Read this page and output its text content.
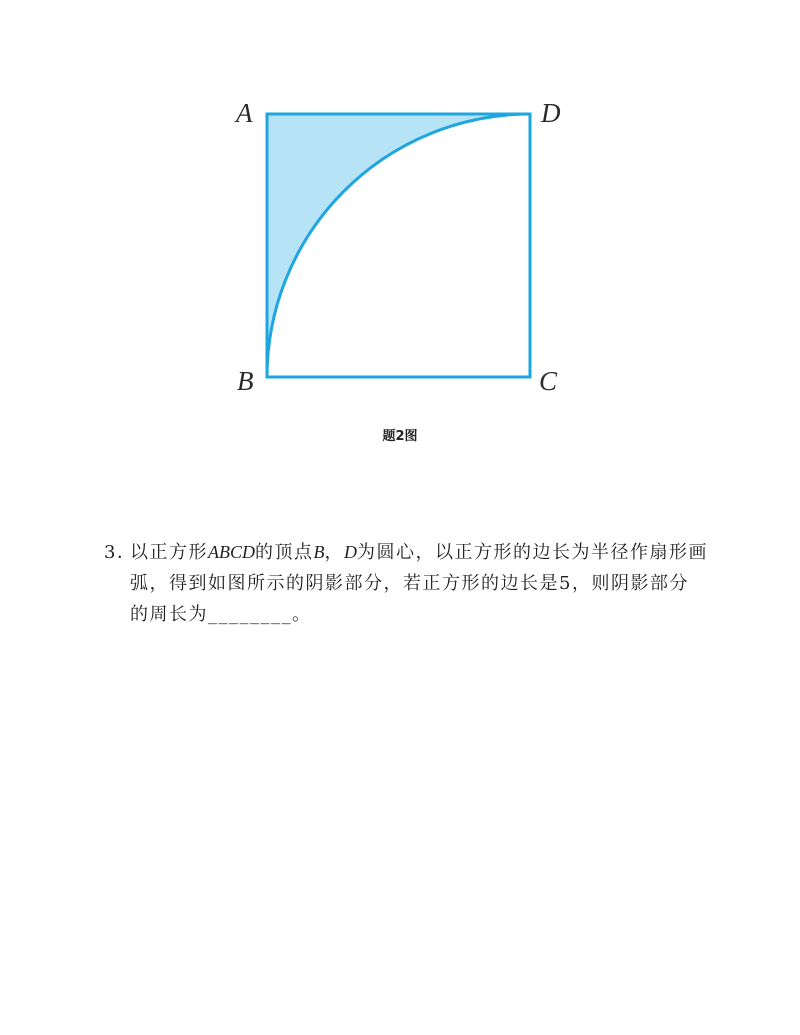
A	D
B	C
题2图
3．
以正方形ABCD的顶点B，D为圆心，以正方形的边长为半径作扇形画
弧，得到如图所示的阴影部分，若正方形的边长是5，则阴影部分
的周长为________。
